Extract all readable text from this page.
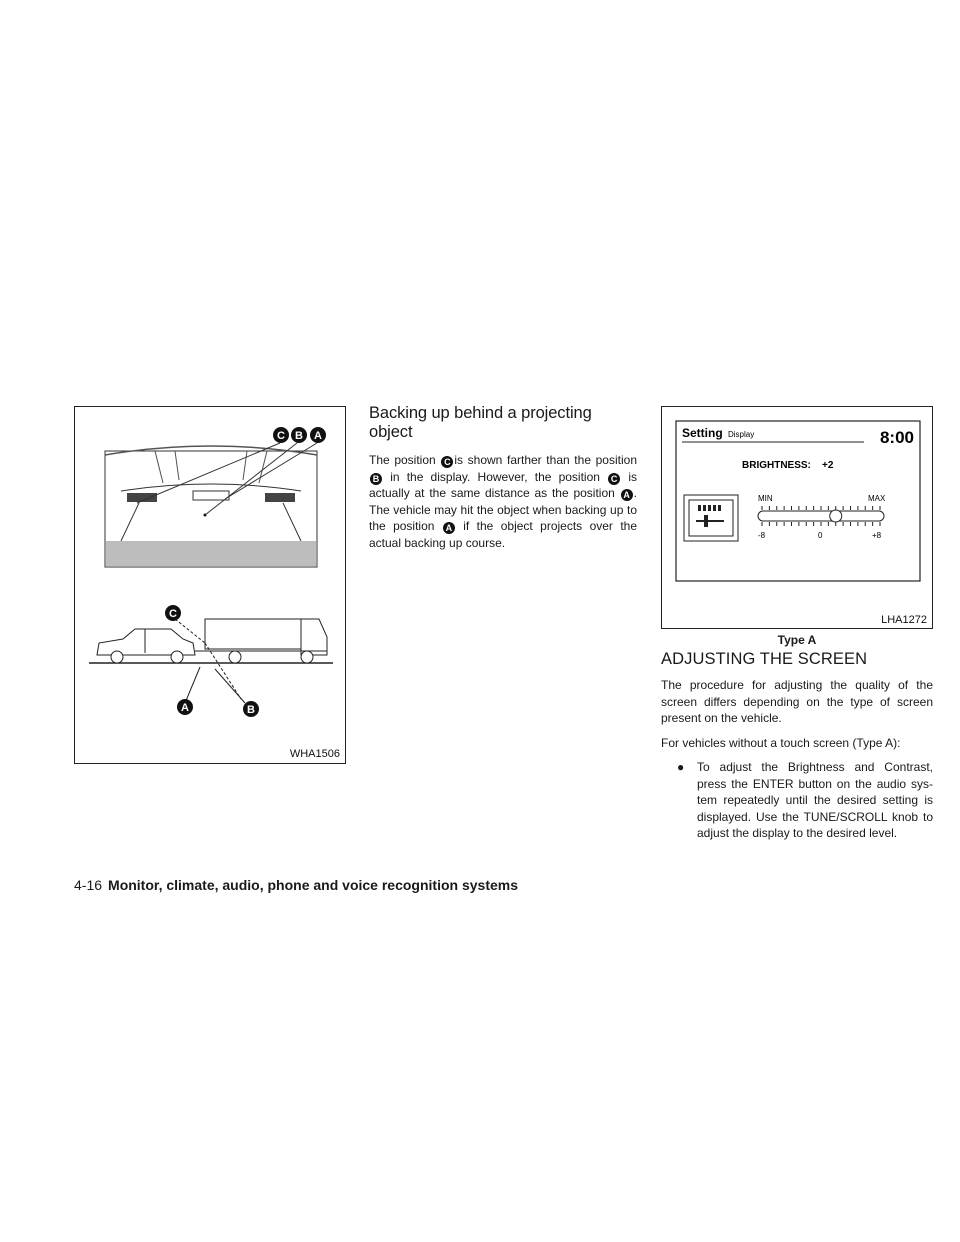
C B A
C
A	B
WHA1506
Backing up behind a projecting object

The position C is shown farther than the position B in the display. However, the position C is actually at the same distance as the position A . The vehicle may hit the object when backing up to the position A if the object projects over the actual backing up course.

Setting Display	8:00
BRIGHTNESS: +2
MIN	MAX
-8	0	+8
LHA1272
Type A
ADJUSTING THE SCREEN

The procedure for adjusting the quality of the screen differs depending on the type of screen present on the vehicle.

For vehicles without a touch screen (Type A):

● To adjust the Brightness and Contrast, press the ENTER button on the audio sys- tem repeatedly until the desired setting is displayed. Use the TUNE/SCROLL knob to adjust the display to the desired level.
4-16 Monitor, climate, audio, phone and voice recognition systems
